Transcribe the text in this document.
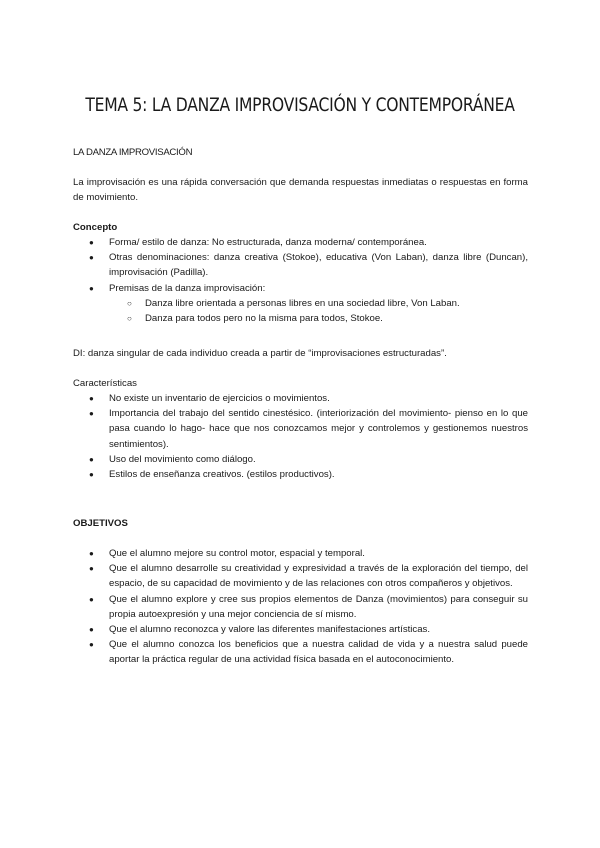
TEMA 5: LA DANZA IMPROVISACIÓN Y CONTEMPORÁNEA
LA DANZA IMPROVISACIÓN
La improvisación es una rápida conversación que demanda respuestas inmediatas o respuestas en forma de movimiento.
Concepto
● Forma/ estilo de danza: No estructurada, danza moderna/ contemporánea.
● Otras denominaciones: danza creativa (Stokoe), educativa (Von Laban), danza libre (Duncan), improvisación (Padilla).
● Premisas de la danza improvisación:
○ Danza libre orientada a personas libres en una sociedad libre, Von Laban.
○ Danza para todos pero no la misma para todos, Stokoe.
DI: danza singular de cada individuo creada a partir de “improvisaciones estructuradas”.
Características
● No existe un inventario de ejercicios o movimientos.
● Importancia del trabajo del sentido cinestésico. (interiorización del movimiento- pienso en lo que pasa cuando lo hago- hace que nos conozcamos mejor y controlemos y gestionemos nuestros sentimientos).
● Uso del movimiento como diálogo.
● Estilos de enseñanza creativos. (estilos productivos).
OBJETIVOS
● Que el alumno mejore su control motor, espacial y temporal.
● Que el alumno desarrolle su creatividad y expresividad a través de la exploración del tiempo, del espacio, de su capacidad de movimiento y de las relaciones con otros compañeros y objetivos.
● Que el alumno explore y cree sus propios elementos de Danza (movimientos) para conseguir su propia autoexpresión y una mejor conciencia de sí mismo.
● Que el alumno reconozca y valore las diferentes manifestaciones artísticas.
● Que el alumno conozca los beneficios que a nuestra calidad de vida y a nuestra salud puede aportar la práctica regular de una actividad física basada en el autoconocimiento.
